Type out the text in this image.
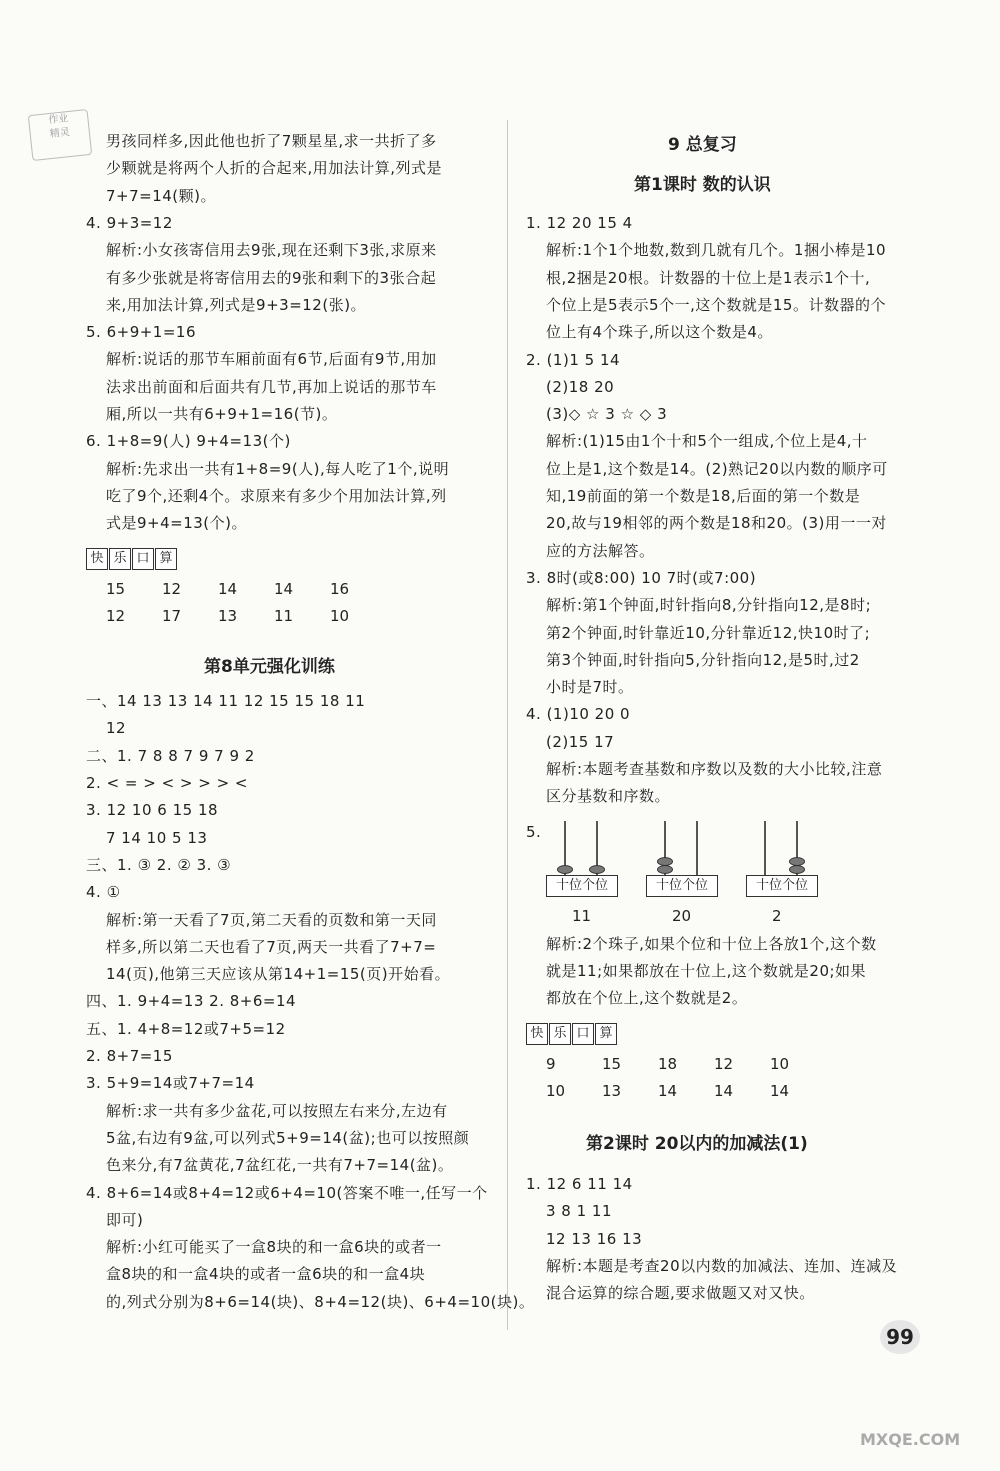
作业
精灵	男孩同样多,因此他也折了7颗星星,求一共折了多
少颗就是将两个人折的合起来,用加法计算,列式是
7+7=14(颗)。
4. 9+3=12
解析:小女孩寄信用去9张,现在还剩下3张,求原来
有多少张就是将寄信用去的9张和剩下的3张合起
来,用加法计算,列式是9+3=12(张)。
5. 6+9+1=16
解析:说话的那节车厢前面有6节,后面有9节,用加
法求出前面和后面共有几节,再加上说话的那节车
厢,所以一共有6+9+1=16(节)。
6. 1+8=9(人) 9+4=13(个)
解析:先求出一共有1+8=9(人),每人吃了1个,说明
吃了9个,还剩4个。求原来有多少个用加法计算,列
式是9+4=13(个)。
快 乐 口 算
15 12 14 14 16
12 17 13 11 10
第8单元强化训练
一、14 13 13 14 11 12 15 15 18 11
12
二、1. 7 8 8 7 9 7 9 2
2. < = > < > > > <
3. 12 10 6 15 18
7 14 10 5 13
三、1. ③ 2. ② 3. ③
4. ①
解析:第一天看了7页,第二天看的页数和第一天同
样多,所以第二天也看了7页,两天一共看了7+7=
14(页),他第三天应该从第14+1=15(页)开始看。
四、1. 9+4=13 2. 8+6=14
五、1. 4+8=12或7+5=12
2. 8+7=15
3. 5+9=14或7+7=14
解析:求一共有多少盆花,可以按照左右来分,左边有
5盆,右边有9盆,可以列式5+9=14(盆);也可以按照颜
色来分,有7盆黄花,7盆红花,一共有7+7=14(盆)。
4. 8+6=14或8+4=12或6+4=10(答案不唯一,任写一个
即可)
解析:小红可能买了一盒8块的和一盒6块的或者一
盒8块的和一盒4块的或者一盒6块的和一盒4块
的,列式分别为8+6=14(块)、8+4=12(块)、6+4=10(块)。
9 总复习
第1课时 数的认识
1. 12 20 15 4
解析:1个1个地数,数到几就有几个。1捆小棒是10
根,2捆是20根。计数器的十位上是1表示1个十,
个位上是5表示5个一,这个数就是15。计数器的个
位上有4个珠子,所以这个数是4。
2. (1)1 5 14
(2)18 20
(3)◇ ☆ 3 ☆ ◇ 3
解析:(1)15由1个十和5个一组成,个位上是4,十
位上是1,这个数是14。(2)熟记20以内数的顺序可
知,19前面的第一个数是18,后面的第一个数是
20,故与19相邻的两个数是18和20。(3)用一一对
应的方法解答。
3. 8时(或8:00) 10 7时(或7:00)
解析:第1个钟面,时针指向8,分针指向12,是8时;
第2个钟面,时针靠近10,分针靠近12,快10时了;
第3个钟面,时针指向5,分针指向12,是5时,过2
小时是7时。
4. (1)10 20 0
(2)15 17
解析:本题考查基数和序数以及数的大小比较,注意
区分基数和序数。
5.
十位个位
11
十位个位
20
十位个位
2
解析:2个珠子,如果个位和十位上各放1个,这个数
就是11;如果都放在十位上,这个数就是20;如果
都放在个位上,这个数就是2。
快 乐 口 算
9	15 18 12 10
10 13 14 14 14
第2课时 20以内的加减法(1)
1. 12 6 11 14
3 8 1 11
12 13 16 13
解析:本题是考查20以内数的加减法、连加、连减及
混合运算的综合题,要求做题又对又快。
99
MXQE.COM
